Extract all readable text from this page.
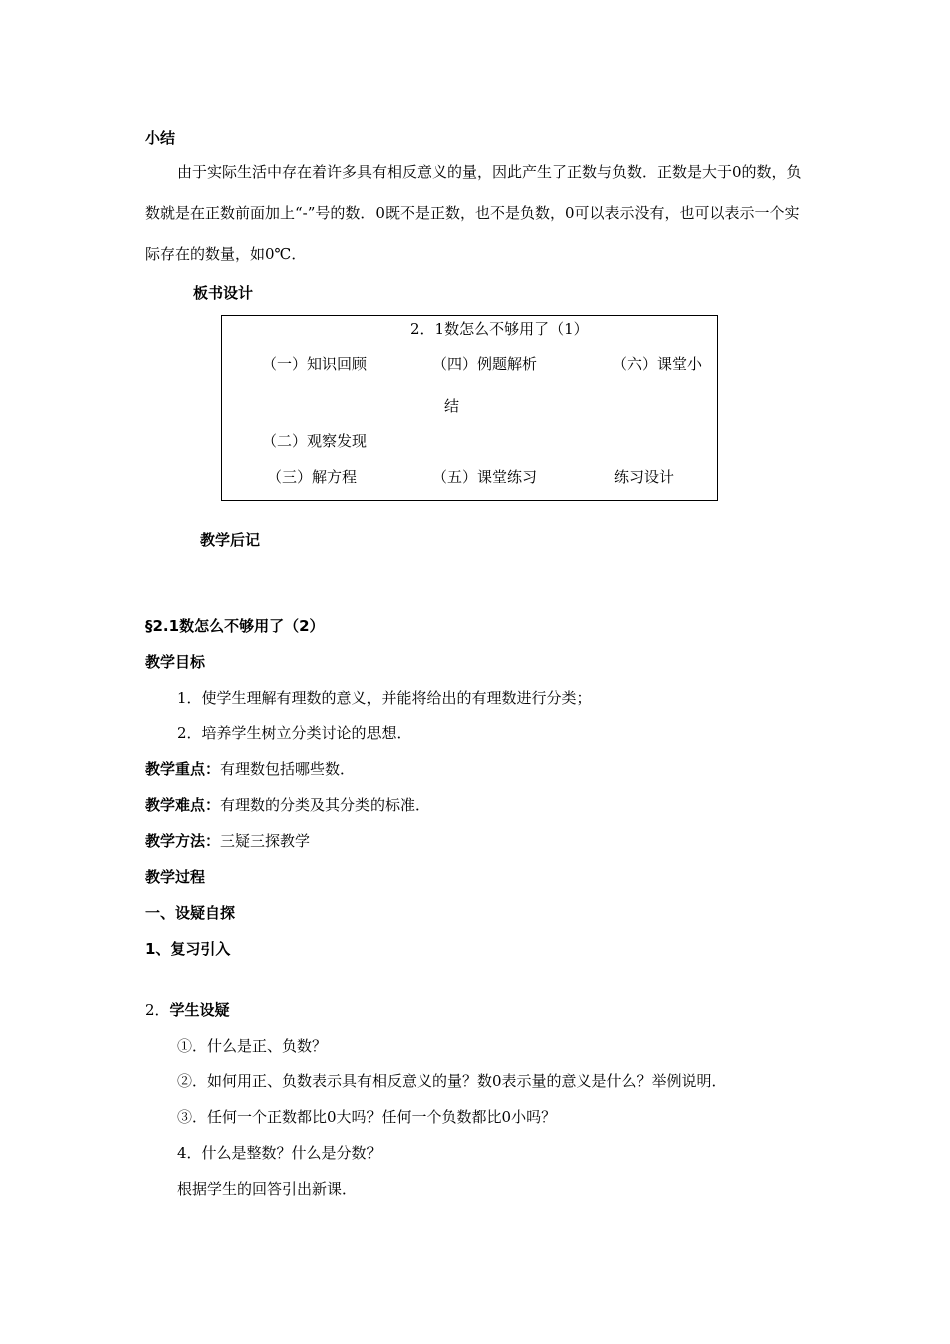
小结
由于实际生活中存在着许多具有相反意义的量，因此产生了正数与负数．正数是大于0的数，负数就是在正数前面加上“-”号的数．0既不是正数，也不是负数，0可以表示没有，也可以表示一个实际存在的数量，如0℃．
板书设计
2．1数怎么不够用了（1）
（一）知识回顾	（四）例题解析	（六）课堂小
结
（二）观察发现
（三）解方程	（五）课堂练习	练习设计
教学后记
§2.1数怎么不够用了（2）
教学目标
1．使学生理解有理数的意义，并能将给出的有理数进行分类；
2．培养学生树立分类讨论的思想．
教学重点：有理数包括哪些数．
教学难点：有理数的分类及其分类的标准．
教学方法：三疑三探教学
教学过程
一、设疑自探
1、复习引入
2．学生设疑
①．什么是正、负数？
②．如何用正、负数表示具有相反意义的量？数0表示量的意义是什么？举例说明．
③．任何一个正数都比0大吗？任何一个负数都比0小吗？
4．什么是整数？什么是分数？
根据学生的回答引出新课．
